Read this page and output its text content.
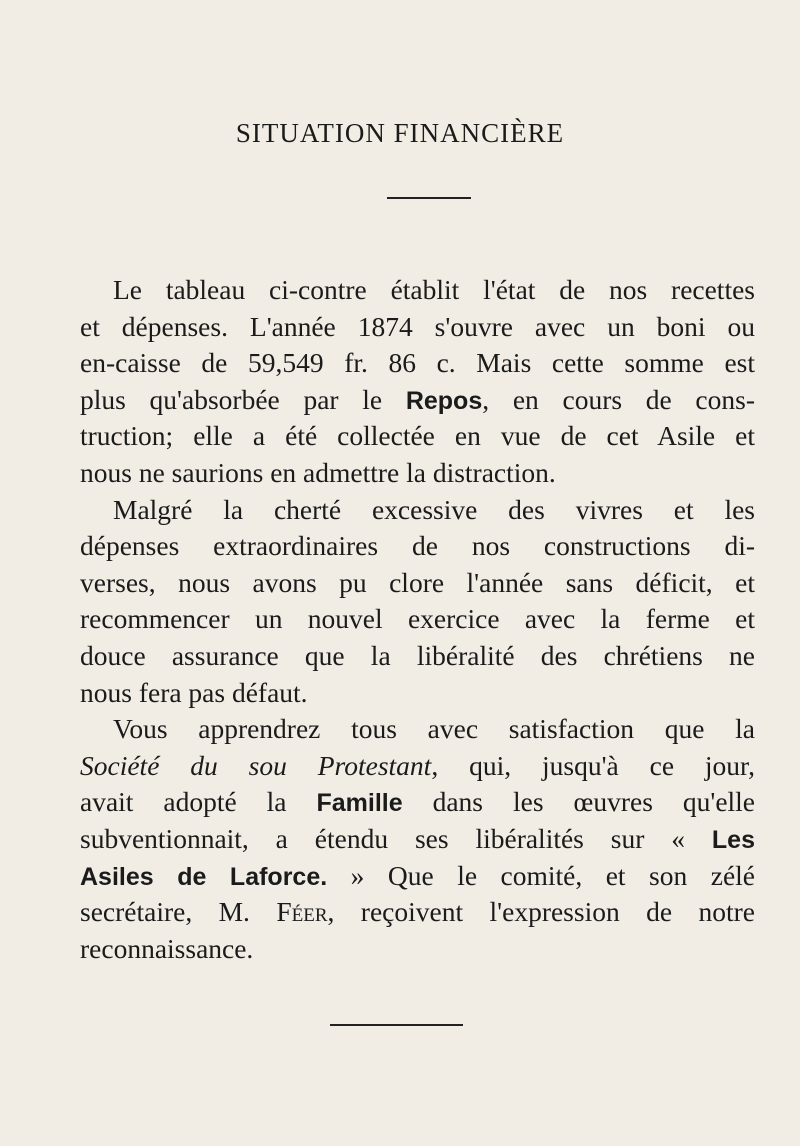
SITUATION FINANCIÈRE
Le tableau ci-contre établit l'état de nos recettes
et dépenses. L'année 1874 s'ouvre avec un boni ou
en-caisse de 59,549 fr. 86 c. Mais cette somme est
plus qu'absorbée par le Repos, en cours de cons-
truction; elle a été collectée en vue de cet Asile et
nous ne saurions en admettre la distraction.
Malgré la cherté excessive des vivres et les
dépenses extraordinaires de nos constructions di-
verses, nous avons pu clore l'année sans déficit, et
recommencer un nouvel exercice avec la ferme et
douce assurance que la libéralité des chrétiens ne
nous fera pas défaut.
Vous apprendrez tous avec satisfaction que la
Société du sou Protestant, qui, jusqu'à ce jour,
avait adopté la Famille dans les œuvres qu'elle
subventionnait, a étendu ses libéralités sur « Les
Asiles de Laforce. » Que le comité, et son zélé
secrétaire, M. Féer, reçoivent l'expression de notre
reconnaissance.
